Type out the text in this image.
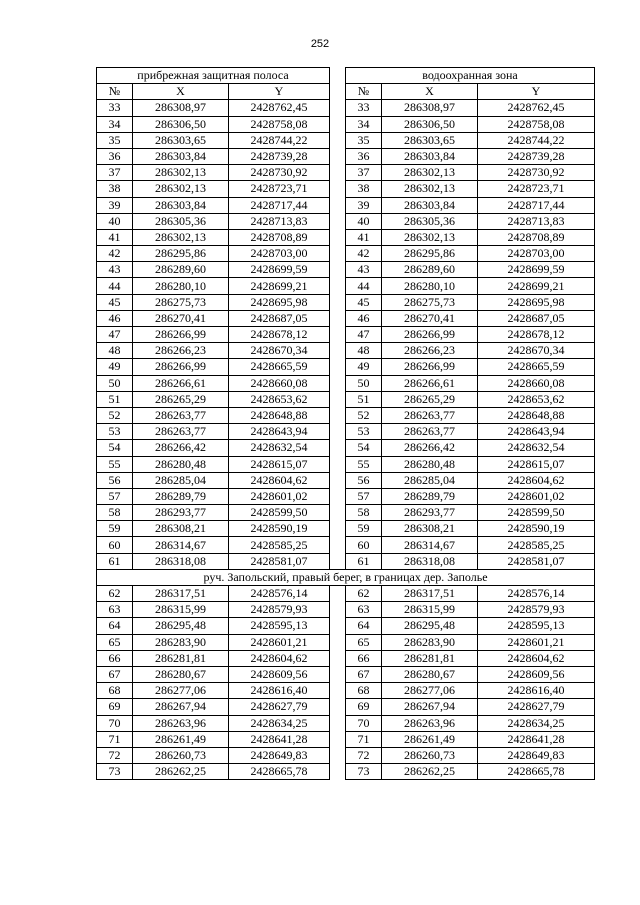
252
прибрежная защитная полоса				водоохранная зона		
№	X	Y		№	X	Y
33	286308,97	2428762,45		33	286308,97	2428762,45
34	286306,50	2428758,08		34	286306,50	2428758,08
35	286303,65	2428744,22		35	286303,65	2428744,22
36	286303,84	2428739,28		36	286303,84	2428739,28
37	286302,13	2428730,92		37	286302,13	2428730,92
38	286302,13	2428723,71		38	286302,13	2428723,71
39	286303,84	2428717,44		39	286303,84	2428717,44
40	286305,36	2428713,83		40	286305,36	2428713,83
41	286302,13	2428708,89		41	286302,13	2428708,89
42	286295,86	2428703,00		42	286295,86	2428703,00
43	286289,60	2428699,59		43	286289,60	2428699,59
44	286280,10	2428699,21		44	286280,10	2428699,21
45	286275,73	2428695,98		45	286275,73	2428695,98
46	286270,41	2428687,05		46	286270,41	2428687,05
47	286266,99	2428678,12		47	286266,99	2428678,12
48	286266,23	2428670,34		48	286266,23	2428670,34
49	286266,99	2428665,59		49	286266,99	2428665,59
50	286266,61	2428660,08		50	286266,61	2428660,08
51	286265,29	2428653,62		51	286265,29	2428653,62
52	286263,77	2428648,88		52	286263,77	2428648,88
53	286263,77	2428643,94		53	286263,77	2428643,94
54	286266,42	2428632,54		54	286266,42	2428632,54
55	286280,48	2428615,07		55	286280,48	2428615,07
56	286285,04	2428604,62		56	286285,04	2428604,62
57	286289,79	2428601,02		57	286289,79	2428601,02
58	286293,77	2428599,50		58	286293,77	2428599,50
59	286308,21	2428590,19		59	286308,21	2428590,19
60	286314,67	2428585,25		60	286314,67	2428585,25
61	286318,08	2428581,07		61	286318,08	2428581,07
руч. Запольский, правый берег, в границах дер. Заполье						
62	286317,51	2428576,14		62	286317,51	2428576,14
63	286315,99	2428579,93		63	286315,99	2428579,93
64	286295,48	2428595,13		64	286295,48	2428595,13
65	286283,90	2428601,21		65	286283,90	2428601,21
66	286281,81	2428604,62		66	286281,81	2428604,62
67	286280,67	2428609,56		67	286280,67	2428609,56
68	286277,06	2428616,40		68	286277,06	2428616,40
69	286267,94	2428627,79		69	286267,94	2428627,79
70	286263,96	2428634,25		70	286263,96	2428634,25
71	286261,49	2428641,28		71	286261,49	2428641,28
72	286260,73	2428649,83		72	286260,73	2428649,83
73	286262,25	2428665,78		73	286262,25	2428665,78
